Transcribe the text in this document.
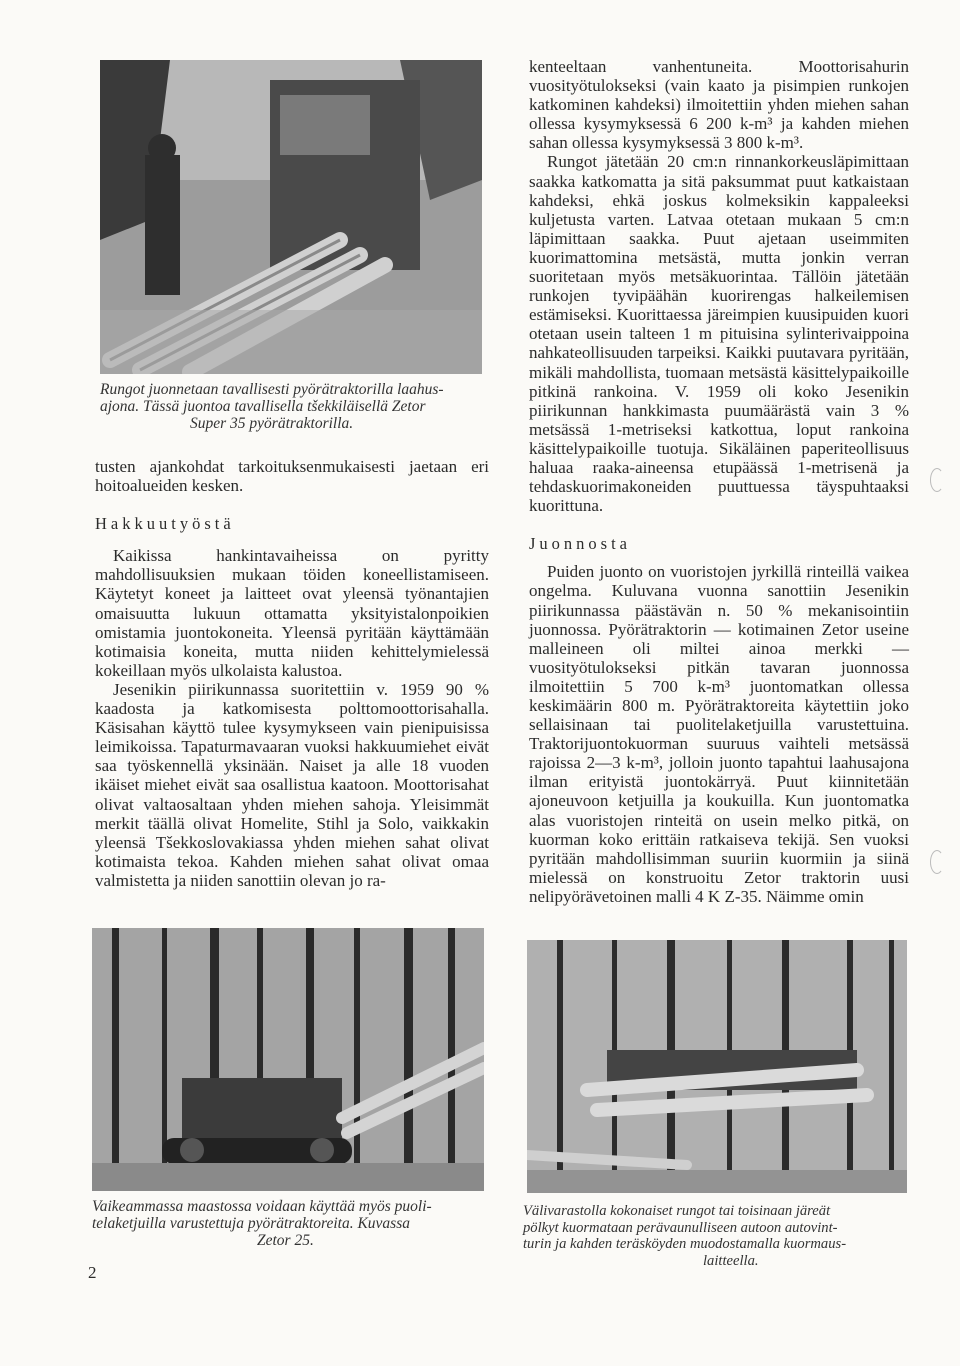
Rungot juonnetaan tavallisesti pyörätraktorilla laahus-

ajona. Tässä juontoa tavallisella tšekkiläisellä Zetor

Super 35 pyörätraktorilla.

tusten ajankohdat tarkoituksenmukaisesti jaetaan eri hoitoalueiden kesken.

Hakkuutyöstä

Kaikissa hankintavaiheissa on pyritty mahdollisuuksien mukaan töiden koneellistamiseen. Käytetyt koneet ja laitteet ovat yleensä työnantajien omaisuutta lukuun ottamatta yksityistalonpoikien omistamia juontokoneita. Yleensä pyritään käyttämään kotimaisia koneita, mutta niiden kehittelymielessä kokeillaan myös ulkolaista kalustoa.

Jesenikin piirikunnassa suoritettiin v. 1959 90 % kaadosta ja katkomisesta polttomoottorisahalla. Käsisahan käyttö tulee kysymykseen vain pienipuisissa leimikoissa. Tapaturmavaaran vuoksi hakkuumiehet eivät saa työskennellä yksinään. Naiset ja alle 18 vuoden ikäiset miehet eivät saa osallistua kaatoon. Moottorisahat olivat valtaosaltaan yhden miehen sahoja. Yleisimmät merkit täällä olivat Homelite, Stihl ja Solo, vaikkakin yleensä Tšekkoslovakiassa yhden miehen sahat olivat kotimaista tekoa. Kahden miehen sahat olivat omaa valmistetta ja niiden sanottiin olevan jo ra-

kenteeltaan vanhentuneita. Moottorisahurin vuosityötulokseksi (vain kaato ja pisimpien runkojen katkominen kahdeksi) ilmoitettiin yhden miehen sahan ollessa kysymyksessä 6 200 k-m³ ja kahden miehen sahan ollessa kysymyksessä 3 800 k-m³.

Rungot jätetään 20 cm:n rinnankorkeusläpimittaan saakka katkomatta ja sitä paksummat puut katkaistaan kahdeksi, ehkä joskus kolmeksikin kappaleeksi kuljetusta varten. Latvaa otetaan mukaan 5 cm:n läpimittaan saakka. Puut ajetaan useimmiten kuorimattomina metsästä, mutta jonkin verran suoritetaan myös metsäkuorintaa. Tällöin jätetään runkojen tyvipäähän kuorirengas halkeilemisen estämiseksi. Kuorittaessa järeimpien kuusipuiden kuori otetaan usein talteen 1 m pituisina sylinterivaippoina nahkateollisuuden tarpeiksi. Kaikki puutavara pyritään, mikäli mahdollista, tuomaan metsästä käsittelypaikoille pitkinä rankoina. V. 1959 oli koko Jesenikin piirikunnan hankkimasta puumäärästä vain 3 % metsässä 1-metriseksi katkottua, loput rankoina käsittelypaikoille tuotuja. Sikäläinen paperiteollisuus haluaa raaka-aineensa etupäässä 1-metrisenä ja tehdaskuorimakoneiden puuttuessa täyspuhtaaksi kuorittuna.

Juonnosta

Puiden juonto on vuoristojen jyrkillä rinteillä vaikea ongelma. Kuluvana vuonna sanottiin Jesenikin piirikunnassa päästävän n. 50 % mekanisointiin juonnossa. Pyörätraktorin — kotimainen Zetor useine malleineen oli miltei ainoa merkki — vuosityötulokseksi pitkän tavaran juonnossa ilmoitettiin 5 700 k-m³ juontomatkan ollessa keskimäärin 800 m. Pyörätraktoreita käytettiin joko sellaisinaan tai puolitelaketjuilla varustettuina. Traktorijuontokuorman suuruus vaihteli metsässä rajoissa 2—3 k-m³, jolloin juonto tapahtui laahusajona ilman erityistä juontokärryä. Puut kiinnitetään ajoneuvoon ketjuilla ja koukuilla. Kun juontomatka alas vuoristojen rinteitä on usein melko pitkä, on kuorman koko erittäin ratkaiseva tekijä. Sen vuoksi pyritään mahdollisimman suuriin kuormiin ja siinä mielessä on konstruoitu Zetor traktorin uusi nelipyörävetoinen malli 4 K Z-35. Näimme omin

Vaikeammassa maastossa voidaan käyttää myös puoli-

telaketjuilla varustettuja pyörätraktoreita. Kuvassa

Zetor 25.

Välivarastolla kokonaiset rungot tai toisinaan järeät

pölkyt kuormataan perävaunulliseen autoon autovint-

turin ja kahden teräsköyden muodostamalla kuormaus-

laitteella.

2
